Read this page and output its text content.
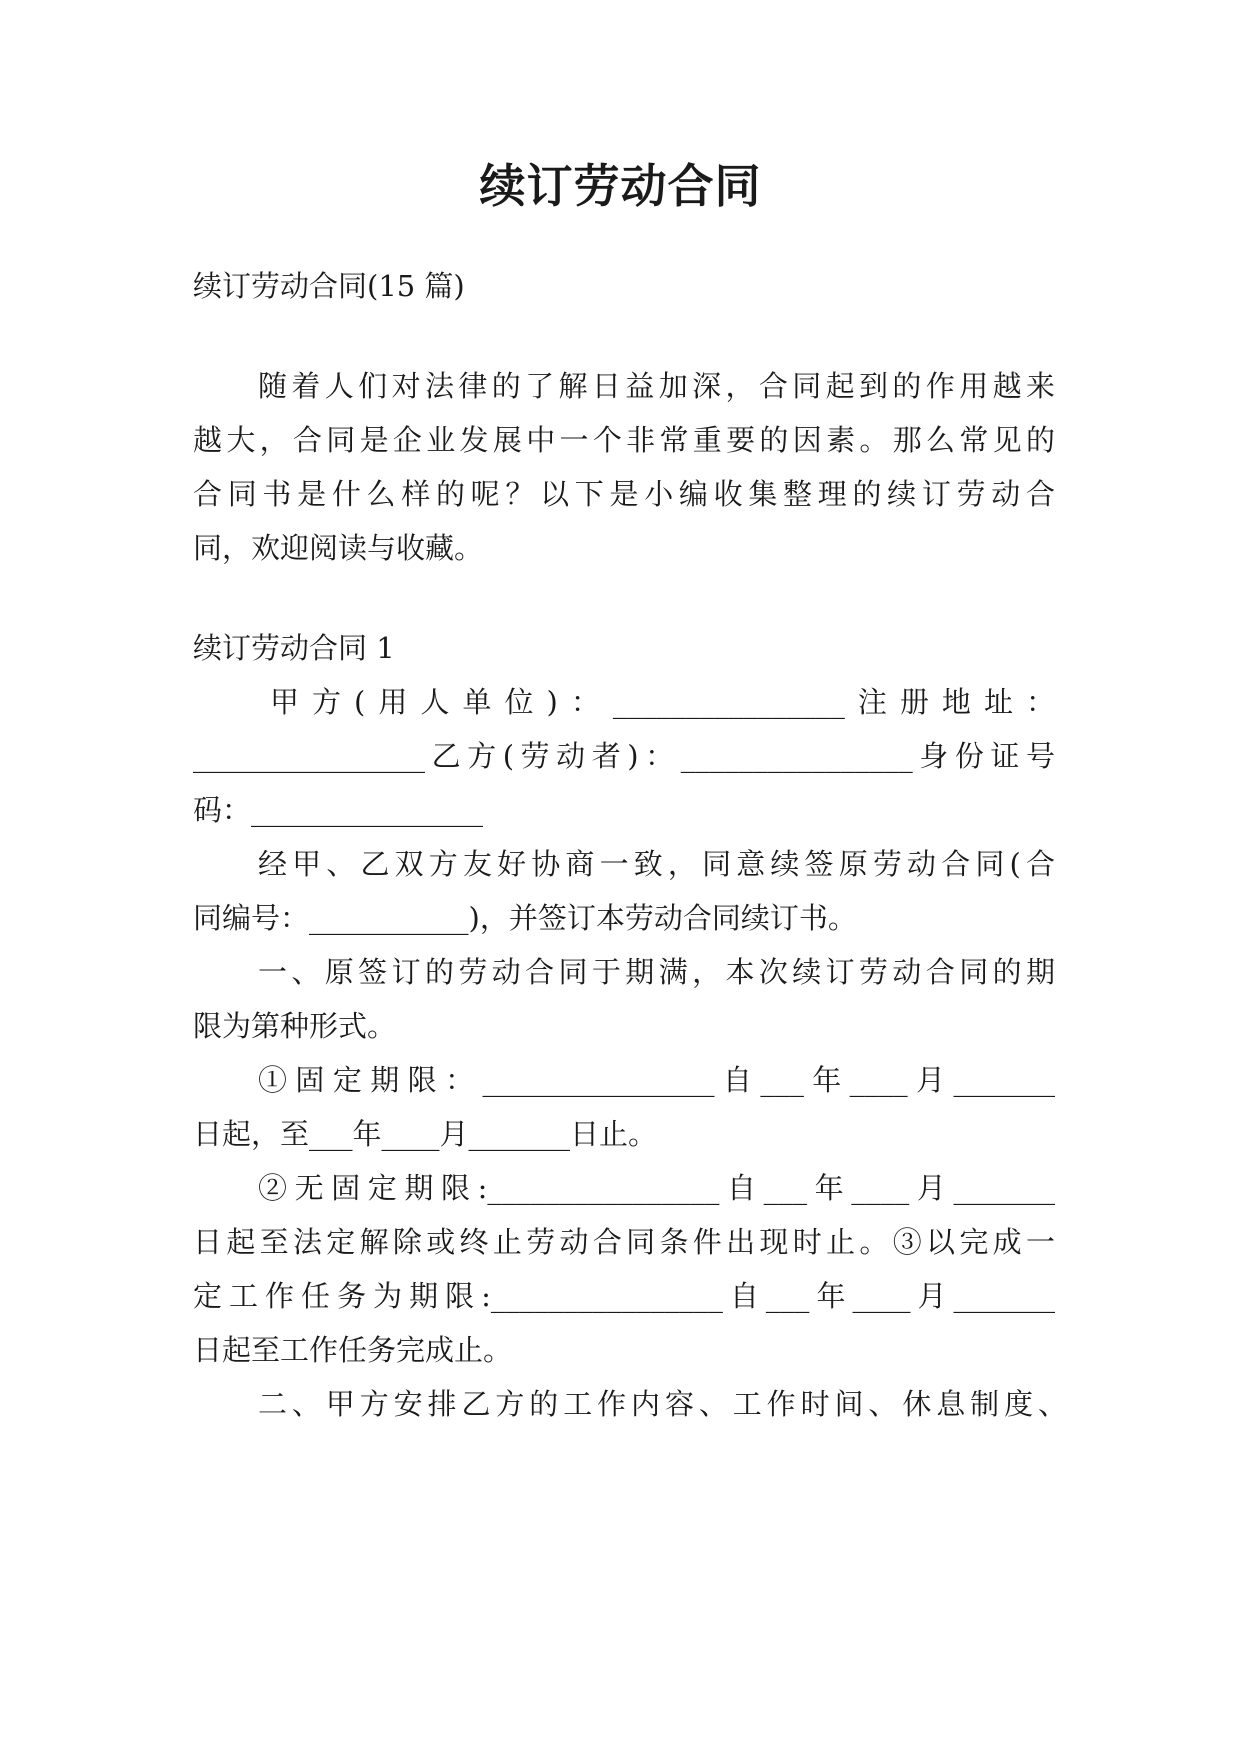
续订劳动合同
续订劳动合同(15 篇)
随着人们对法律的了解日益加深，合同起到的作用越来
越大，合同是企业发展中一个非常重要的因素。那么常见的
合同书是什么样的呢？以下是小编收集整理的续订劳动合
同，欢迎阅读与收藏。
续订劳动合同 1
甲方(用人单位)：________________注册地址：
________________乙方(劳动者)：________________身份证号
码：________________
经甲、乙双方友好协商一致，同意续签原劳动合同(合
同编号：___________)，并签订本劳动合同续订书。
一、原签订的劳动合同于期满，本次续订劳动合同的期
限为第种形式。
①固定期限：________________自___年____月_______
日起，至___年____月_______日止。
②无固定期限:________________自___年____月_______
日起至法定解除或终止劳动合同条件出现时止。③以完成一
定工作任务为期限:________________自___年____月_______
日起至工作任务完成止。
二、甲方安排乙方的工作内容、工作时间、休息制度、
